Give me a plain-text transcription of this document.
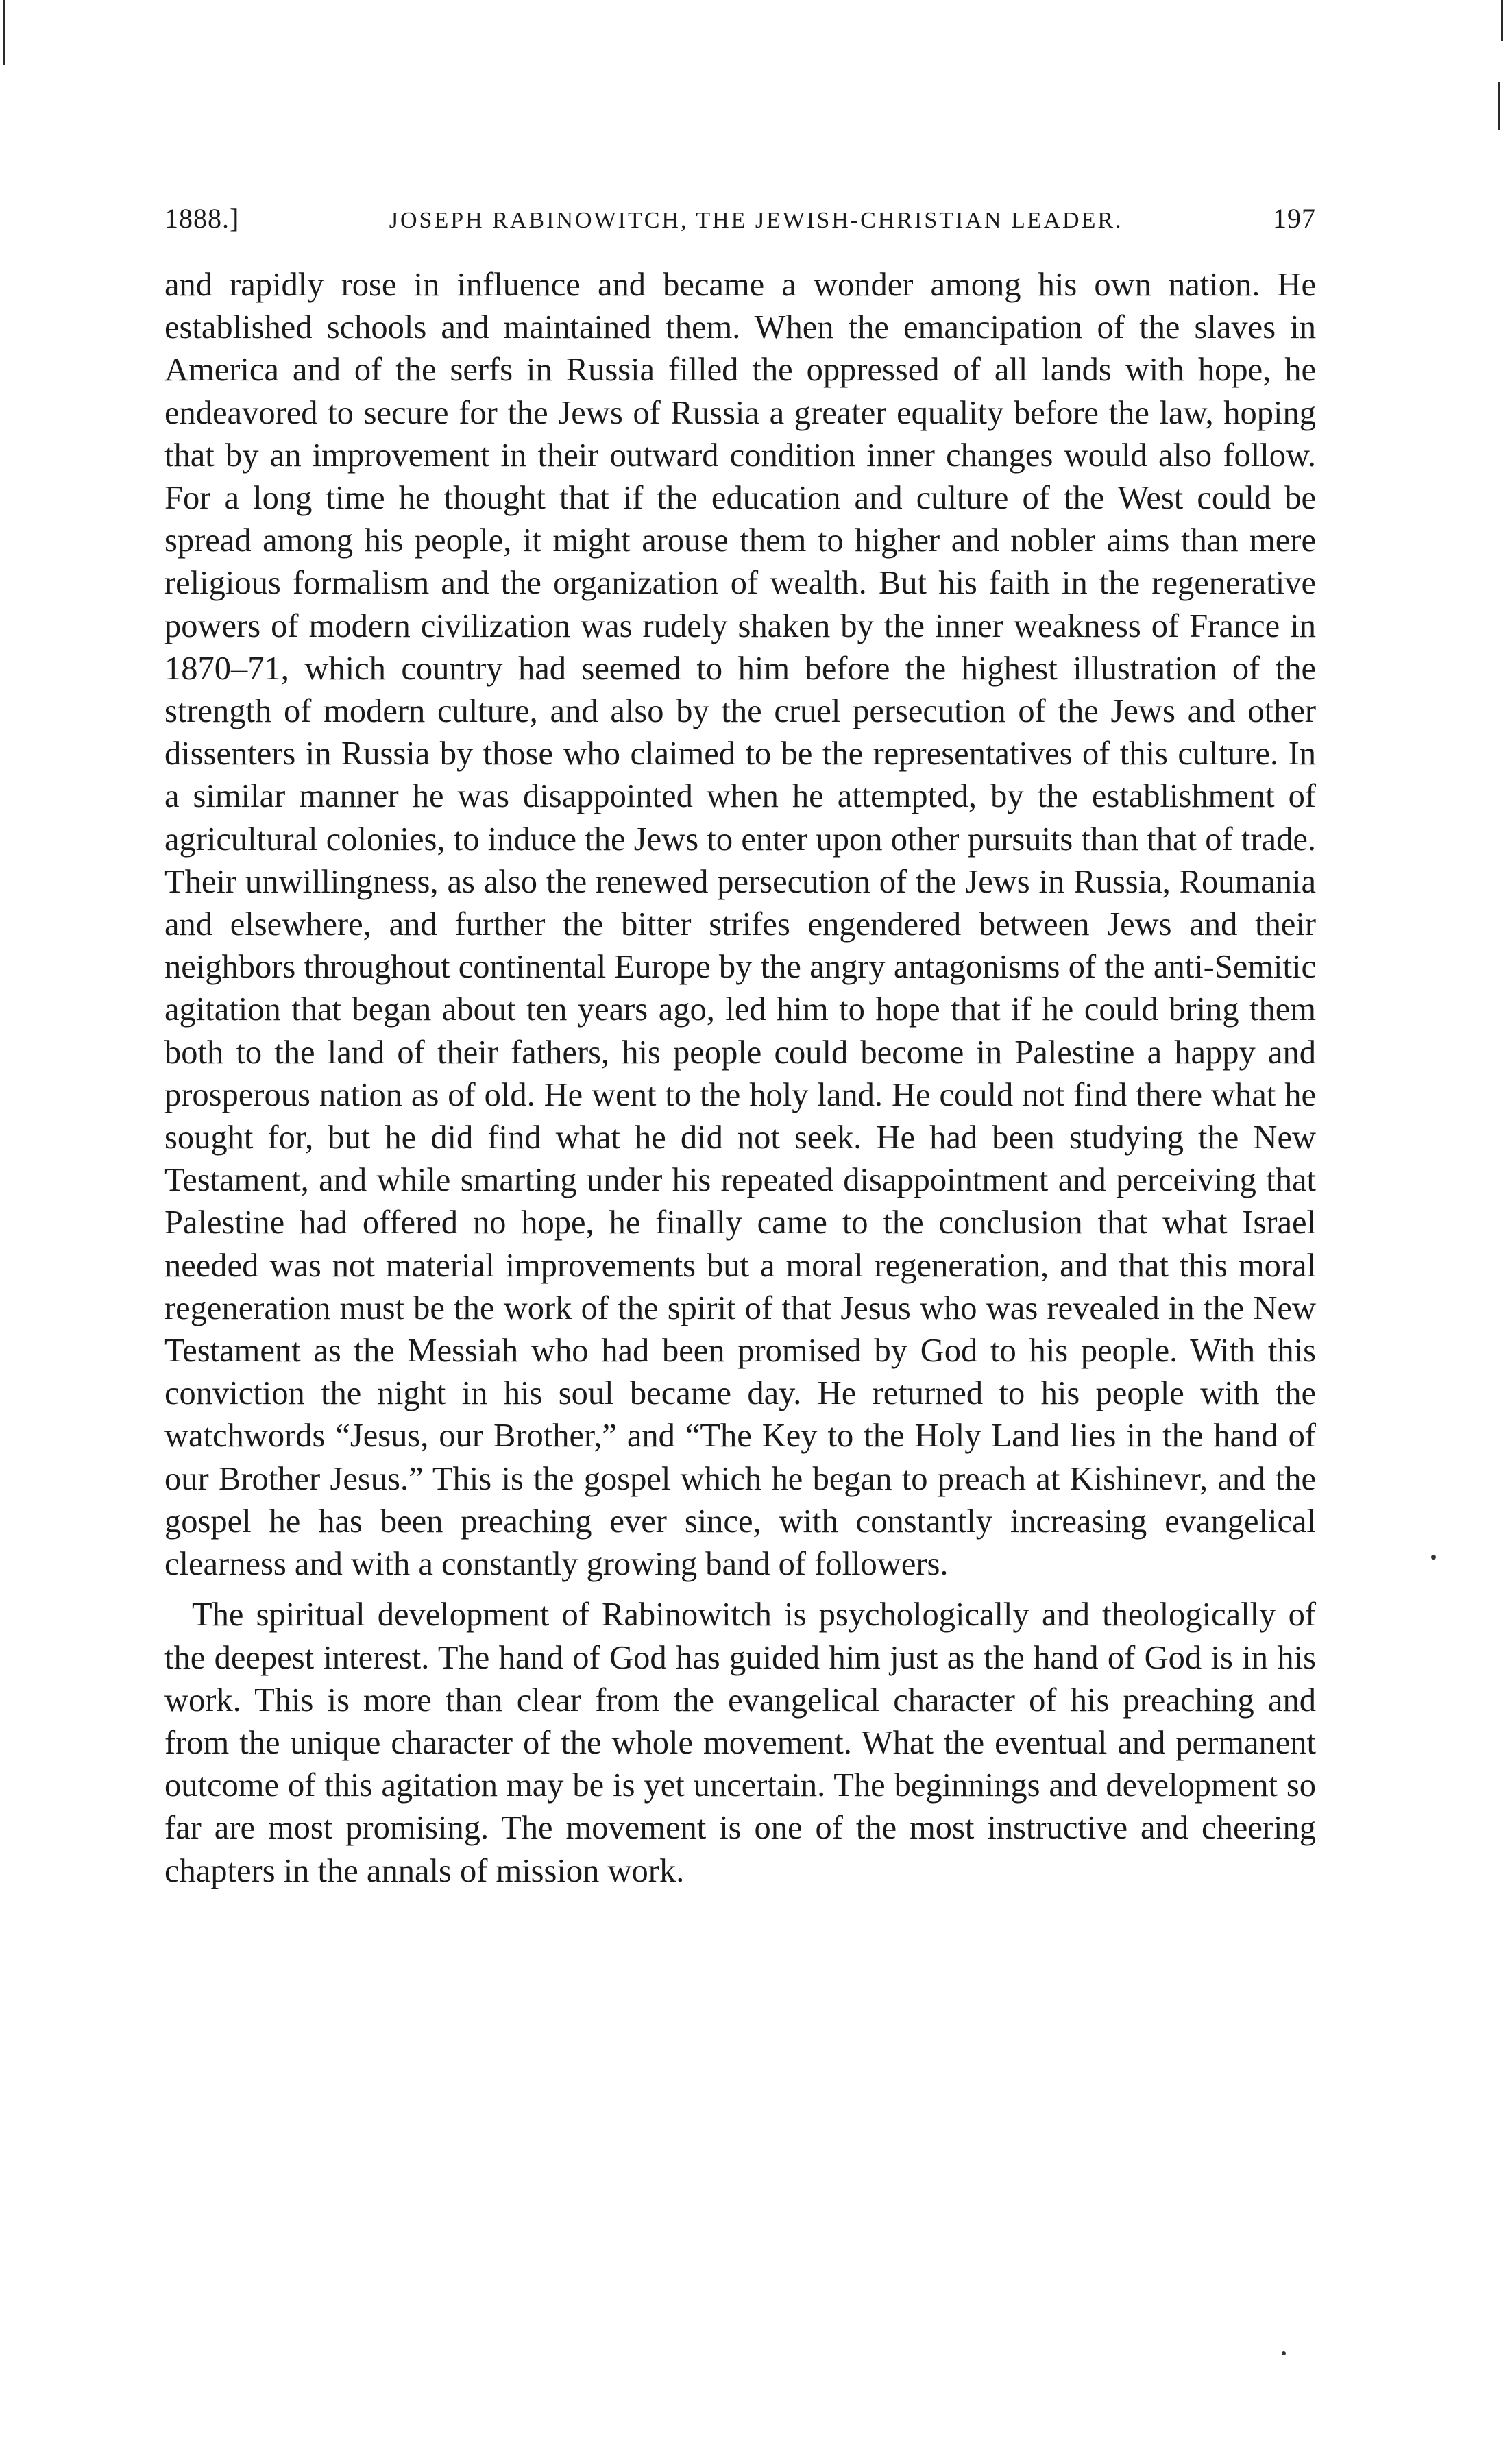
1888.]	JOSEPH RABINOWITCH, THE JEWISH-CHRISTIAN LEADER.	197

and rapidly rose in influence and became a wonder among his own nation. He established schools and maintained them. When the emancipation of the slaves in America and of the serfs in Russia filled the oppressed of all lands with hope, he endeavored to secure for the Jews of Russia a greater equality before the law, hoping that by an improvement in their outward condition inner changes would also follow. For a long time he thought that if the education and culture of the West could be spread among his people, it might arouse them to higher and nobler aims than mere religious formalism and the organization of wealth. But his faith in the regenerative powers of modern civilization was rudely shaken by the inner weakness of France in 1870–71, which country had seemed to him before the highest illustration of the strength of modern culture, and also by the cruel persecution of the Jews and other dissenters in Russia by those who claimed to be the representatives of this culture. In a similar manner he was disappointed when he attempted, by the establishment of agricultural colonies, to induce the Jews to enter upon other pursuits than that of trade. Their unwillingness, as also the renewed persecution of the Jews in Russia, Roumania and elsewhere, and further the bitter strifes engendered between Jews and their neighbors throughout continental Europe by the angry antagonisms of the anti-Semitic agitation that began about ten years ago, led him to hope that if he could bring them both to the land of their fathers, his people could become in Palestine a happy and prosperous nation as of old. He went to the holy land. He could not find there what he sought for, but he did find what he did not seek. He had been studying the New Testament, and while smarting under his repeated disappointment and perceiving that Palestine had offered no hope, he finally came to the conclusion that what Israel needed was not material improvements but a moral regeneration, and that this moral regeneration must be the work of the spirit of that Jesus who was revealed in the New Testament as the Messiah who had been promised by God to his people. With this conviction the night in his soul became day. He returned to his people with the watchwords “Jesus, our Brother,” and “The Key to the Holy Land lies in the hand of our Brother Jesus.” This is the gospel which he began to preach at Kishinevr, and the gospel he has been preaching ever since, with constantly increasing evangelical clearness and with a constantly growing band of followers.

The spiritual development of Rabinowitch is psychologically and theologically of the deepest interest. The hand of God has guided him just as the hand of God is in his work. This is more than clear from the evangelical character of his preaching and from the unique character of the whole movement. What the eventual and permanent outcome of this agitation may be is yet uncertain. The beginnings and development so far are most promising. The movement is one of the most instructive and cheering chapters in the annals of mission work.
